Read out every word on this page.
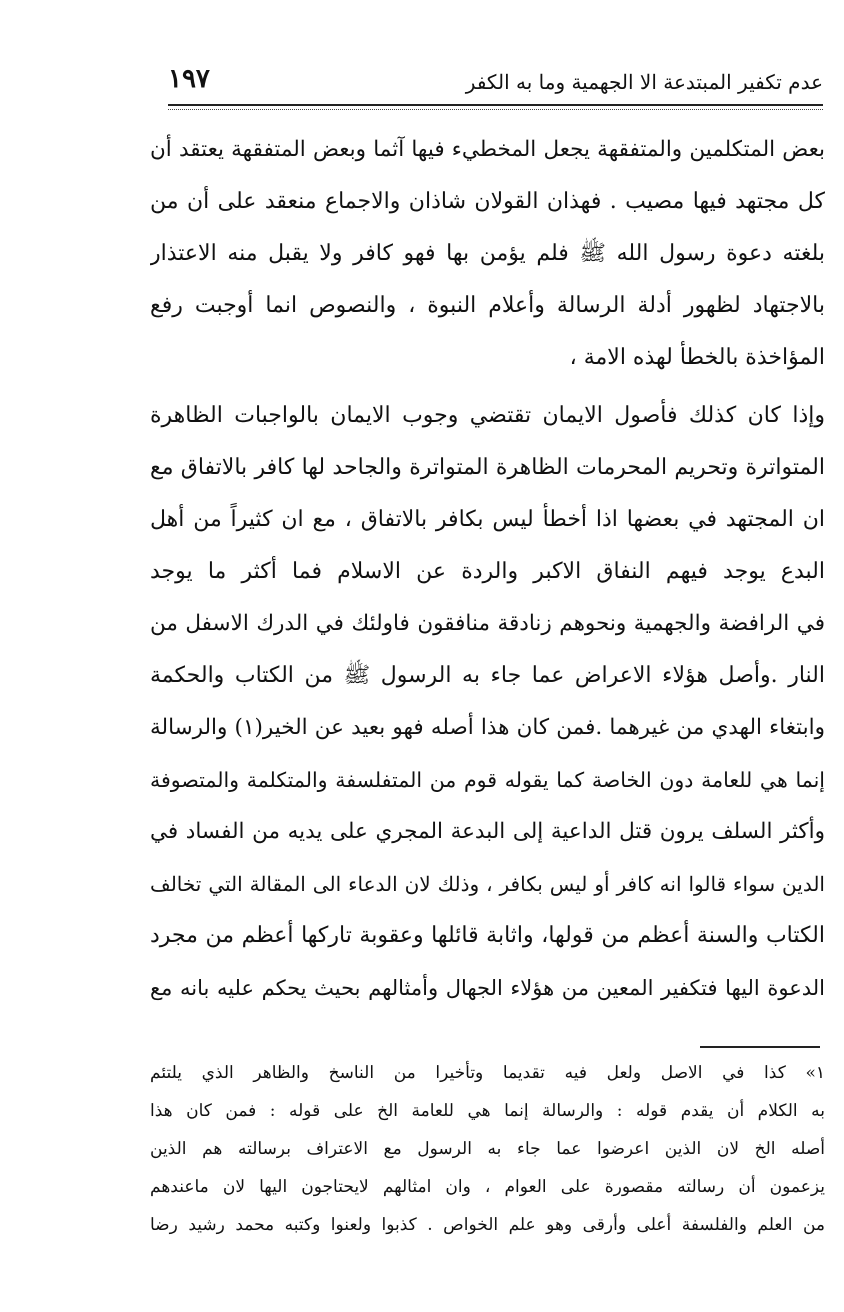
عدم تكفير المبتدعة الا الجهمية وما به الكفر
١٩٧
بعض المتكلمين والمتفقهة يجعل المخطيء فيها آثما وبعض المتفقهة يعتقد أن
كل مجتهد فيها مصيب . فهذان القولان شاذان والاجماع منعقد على أن من
بلغته دعوة رسول الله ﷺ فلم يؤمن بها فهو كافر ولا يقبل منه الاعتذار
بالاجتهاد لظهور أدلة الرسالة وأعلام النبوة ، والنصوص انما أوجبت رفع
المؤاخذة بالخطأ لهذه الامة ،
وإذا كان كذلك فأصول الايمان تقتضي وجوب الايمان بالواجبات الظاهرة
المتواترة وتحريم المحرمات الظاهرة المتواترة والجاحد لها كافر بالاتفاق مع
ان المجتهد في بعضها اذا أخطأ ليس بكافر بالاتفاق ، مع ان كثيراً من أهل
البدع يوجد فيهم النفاق الاكبر والردة عن الاسلام فما أكثر ما يوجد
في الرافضة والجهمية ونحوهم زنادقة منافقون فاولئك في الدرك الاسفل من
النار .وأصل هؤلاء الاعراض عما جاء به الرسول ﷺ من الكتاب والحكمة
وابتغاء الهدي من غيرهما .فمن كان هذا أصله فهو بعيد عن الخير(١) والرسالة
إنما هي للعامة دون الخاصة كما يقوله قوم من المتفلسفة والمتكلمة والمتصوفة
وأكثر السلف يرون قتل الداعية إلى البدعة المجري على يديه من الفساد في
الدين سواء قالوا انه كافر أو ليس بكافر ، وذلك لان الدعاء الى المقالة التي تخالف
الكتاب والسنة أعظم من قولها، واثابة قائلها وعقوبة تاركها أعظم من مجرد
الدعوة اليها فتكفير المعين من هؤلاء الجهال وأمثالهم بحيث يحكم عليه بانه مع
١» كذا في الاصل ولعل فيه تقديما وتأخيرا من الناسخ والظاهر الذي يلتئم
به الكلام أن يقدم قوله : والرسالة إنما هي للعامة الخ على قوله : فمن كان هذا
أصله الخ لان الذين اعرضوا عما جاء به الرسول مع الاعتراف برسالته هم الذين
يزعمون أن رسالته مقصورة على العوام ، وان امثالهم لايحتاجون اليها لان ماعندهم
من العلم والفلسفة أعلى وأرقى وهو علم الخواص . كذبوا ولعنوا وكتبه محمد رشيد رضا
